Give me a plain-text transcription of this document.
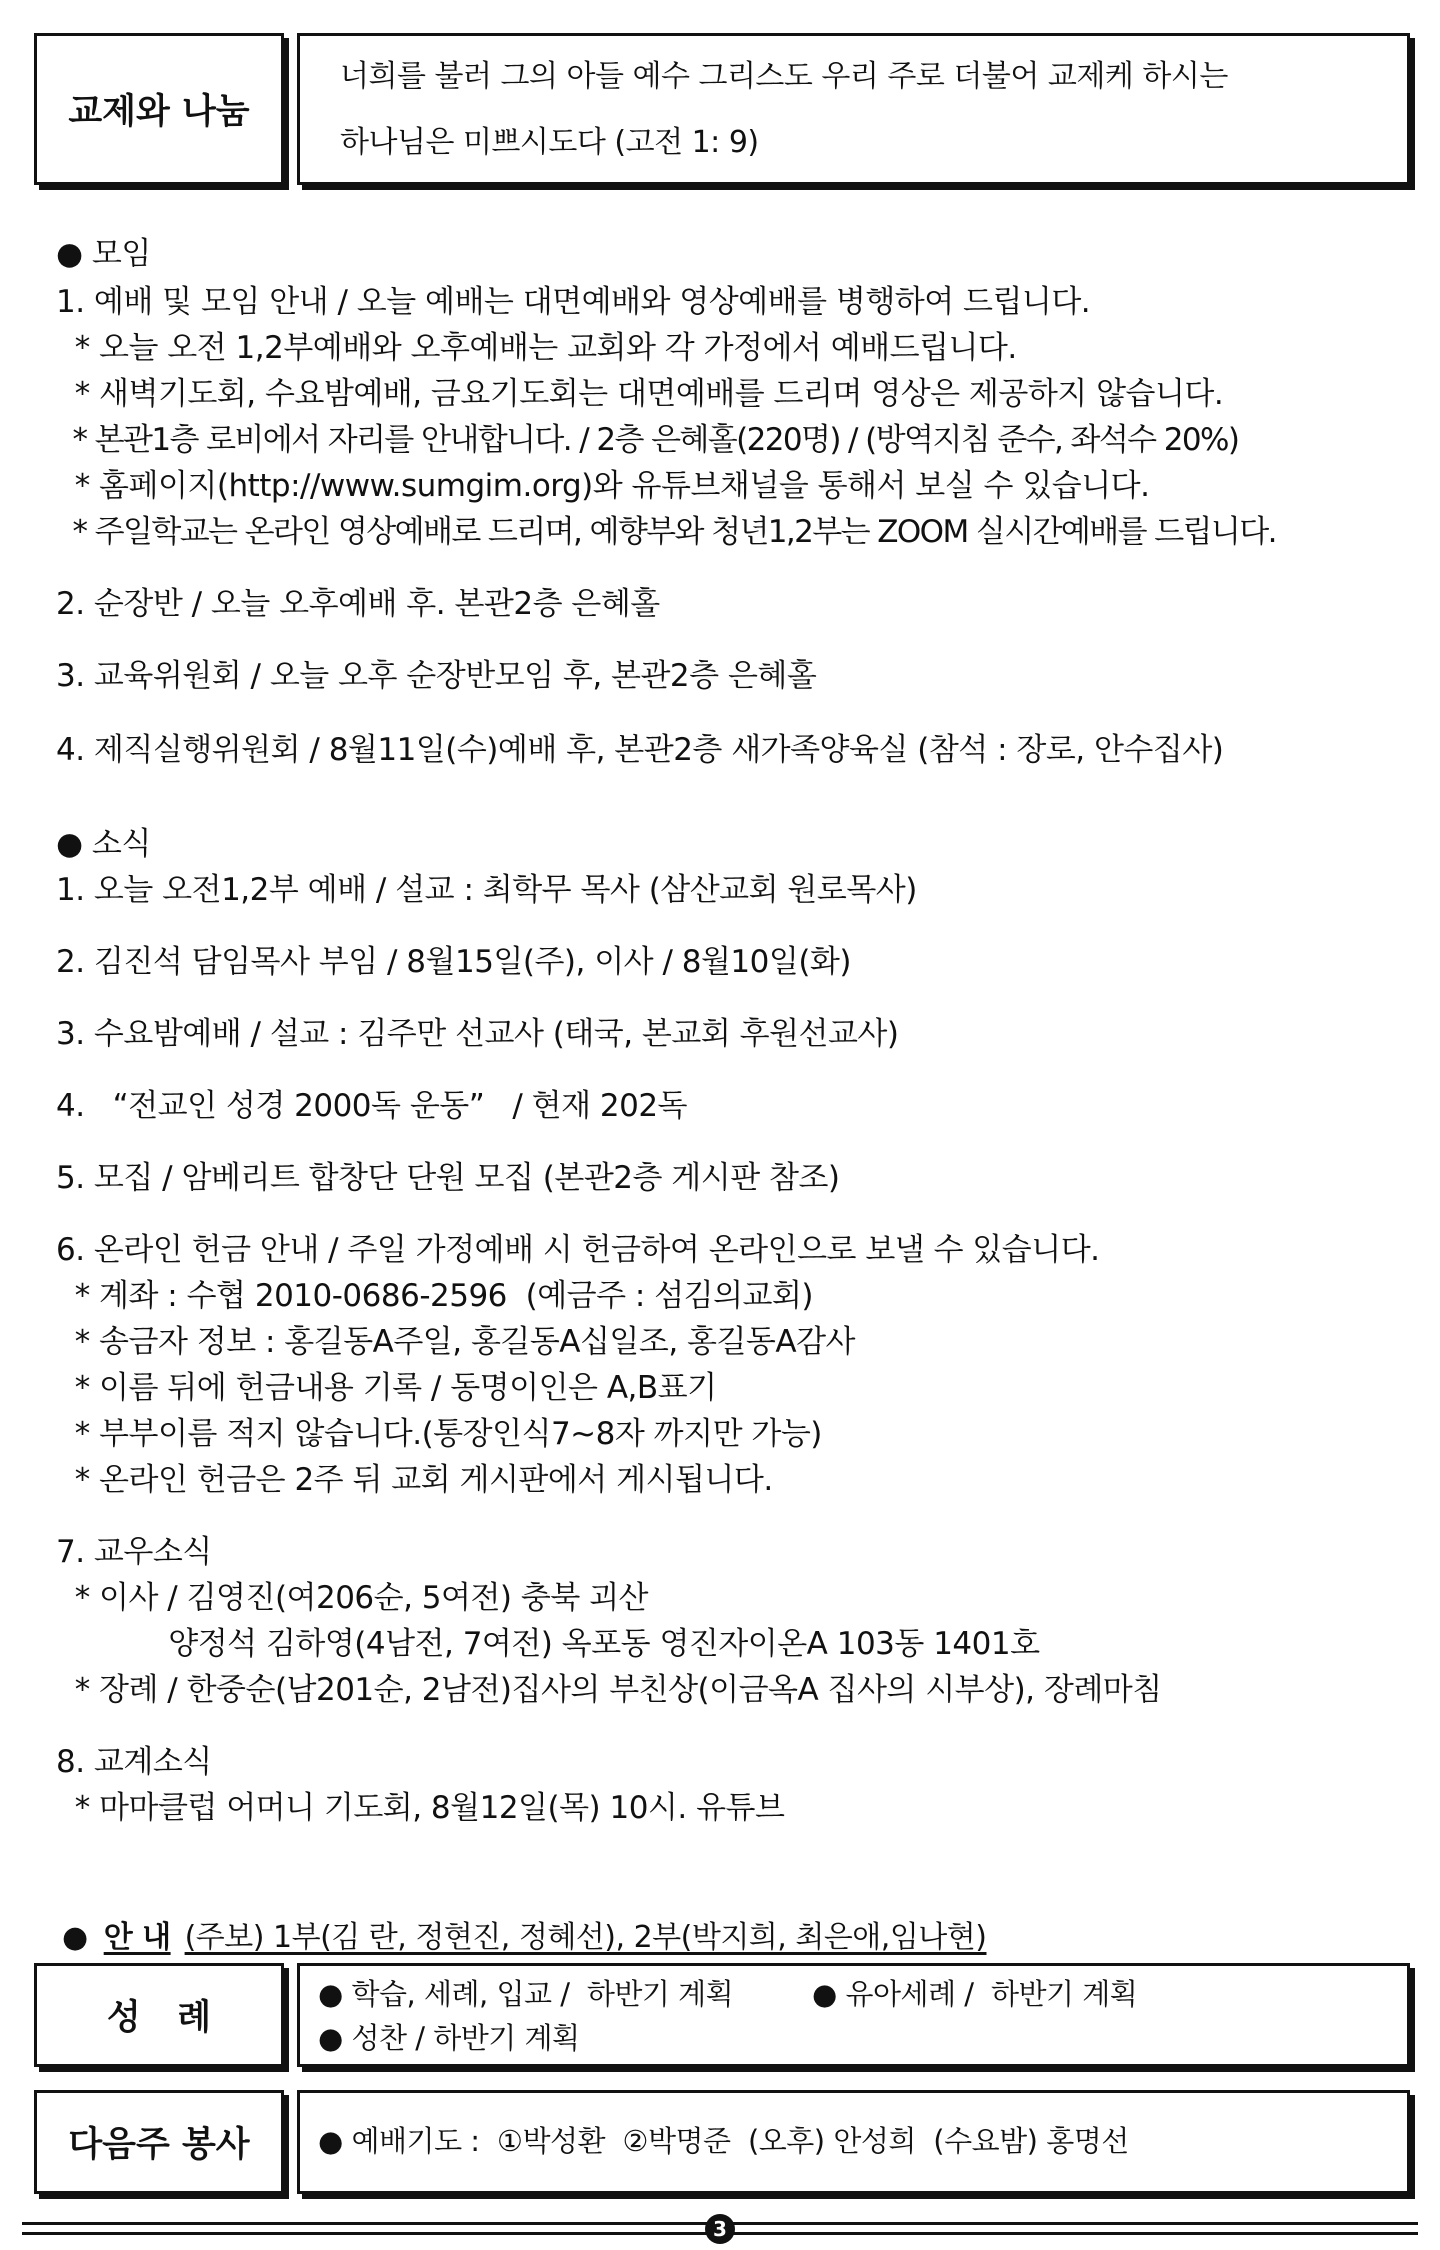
교제와 나눔
너희를 불러 그의 아들 예수 그리스도 우리 주로 더불어 교제케 하시는
하나님은 미쁘시도다 (고전 1: 9)
● 모임
1. 예배 및 모임 안내 / 오늘 예배는 대면예배와 영상예배를 병행하여 드립니다.
* 오늘 오전 1,2부예배와 오후예배는 교회와 각 가정에서 예배드립니다.
* 새벽기도회, 수요밤예배, 금요기도회는 대면예배를 드리며 영상은 제공하지 않습니다.
* 본관1층 로비에서 자리를 안내합니다. / 2층 은혜홀(220명) / (방역지침 준수, 좌석수 20%)
* 홈페이지(http://www.sumgim.org)와 유튜브채널을 통해서 보실 수 있습니다.
* 주일학교는 온라인 영상예배로 드리며, 예향부와 청년1,2부는 ZOOM 실시간예배를 드립니다.
2. 순장반 / 오늘 오후예배 후. 본관2층 은혜홀
3. 교육위원회 / 오늘 오후 순장반모임 후, 본관2층 은혜홀
4. 제직실행위원회 / 8월11일(수)예배 후, 본관2층 새가족양육실 (참석 : 장로, 안수집사)
● 소식
1. 오늘 오전1,2부 예배 / 설교 : 최학무 목사 (삼산교회 원로목사)
2. 김진석 담임목사 부임 / 8월15일(주), 이사 / 8월10일(화)
3. 수요밤예배 / 설교 : 김주만 선교사 (태국, 본교회 후원선교사)
4.   “전교인 성경 2000독 운동”   / 현재 202독
5. 모집 / 암베리트 합창단 단원 모집 (본관2층 게시판 참조)
6. 온라인 헌금 안내 / 주일 가정예배 시 헌금하여 온라인으로 보낼 수 있습니다.
* 계좌 : 수협 2010-0686-2596  (예금주 : 섬김의교회)
* 송금자 정보 : 홍길동A주일, 홍길동A십일조, 홍길동A감사
* 이름 뒤에 헌금내용 기록 / 동명이인은 A,B표기
* 부부이름 적지 않습니다.(통장인식7~8자 까지만 가능)
* 온라인 헌금은 2주 뒤 교회 게시판에서 게시됩니다.
7. 교우소식
* 이사 / 김영진(여206순, 5여전) 충북 괴산
양정석 김하영(4남전, 7여전) 옥포동 영진자이온A 103동 1401호
* 장례 / 한중순(남201순, 2남전)집사의 부친상(이금옥A 집사의 시부상), 장례마침
8. 교계소식
* 마마클럽 어머니 기도회, 8월12일(목) 10시. 유튜브
● 안 내 (주보) 1부(김 란, 정현진, 정혜선), 2부(박지희, 최은애,임나현)
성   례
● 학습, 세례, 입교 /  하반기 계획	● 유아세례 /  하반기 계획
● 성찬 / 하반기 계획
다음주 봉사 ● 예배기도 :  ①박성환  ②박명준  (오후) 안성희  (수요밤) 홍명선
3
